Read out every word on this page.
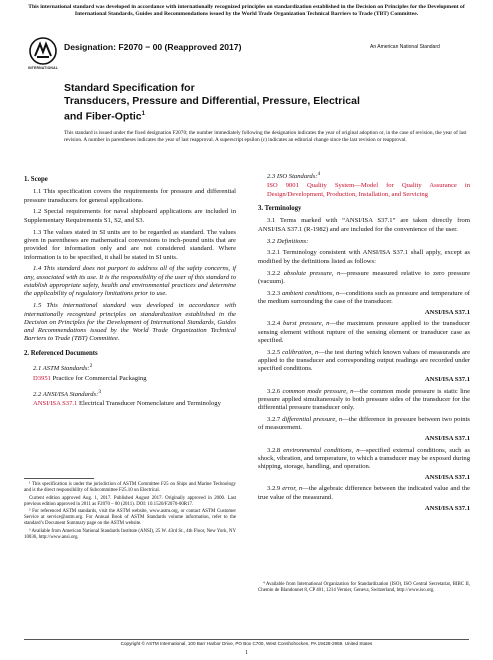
This international standard was developed in accordance with internationally recognized principles on standardization established in the Decision on Principles for the Development of International Standards, Guides and Recommendations issued by the World Trade Organization Technical Barriers to Trade (TBT) Committee.
INTERNATIONAL
Designation: F2070 − 00 (Reapproved 2017)	An American National Standard
Standard Specification for
Transducers, Pressure and Differential, Pressure, Electrical and Fiber-Optic$^1$
This standard is issued under the fixed designation F2070; the number immediately following the designation indicates the year of original adoption or, in the case of revision, the year of last revision. A number in parentheses indicates the year of last reapproval. A superscript epsilon (ε) indicates an editorial change since the last revision or reapproval.
1. Scope

1.1 This specification covers the requirements for pressure and differential pressure transducers for general applications.

1.2 Special requirements for naval shipboard applications are included in Supplementary Requirements S1, S2, and S3.

1.3 The values stated in SI units are to be regarded as standard. The values given in parentheses are mathematical conversions to inch-pound units that are provided for information only and are not considered standard. Where information is to be specified, it shall be stated in SI units.

1.4 This standard does not purport to address all of the safety concerns, if any, associated with its use. It is the responsibility of the user of this standard to establish appropriate safety, health and environmental practices and determine the applicability of regulatory limitations prior to use.

1.5 This international standard was developed in accordance with internationally recognized principles on standardization established in the Decision on Principles for the Development of International Standards, Guides and Recommendations issued by the World Trade Organization Technical Barriers to Trade (TBT) Committee.

2. Referenced Documents

2.1 ASTM Standards:$^2$

D3951 Practice for Commercial Packaging

2.2 ANSI/ISA Standards:$^3$

ANSI/ISA S37.1 Electrical Transducer Nomenclature and Terminology

¹ This specification is under the jurisdiction of ASTM Committee F25 on Ships and Marine Technology and is the direct responsibility of Subcommittee F25.10 on Electrical.

Current edition approved Aug. 1, 2017. Published August 2017. Originally approved in 2000. Last previous edition approved in 2011 as F2070 – 00 (2011). DOI: 10.1520/F2070-00R17.

² For referenced ASTM standards, visit the ASTM website, www.astm.org, or contact ASTM Customer Service at service@astm.org. For Annual Book of ASTM Standards volume information, refer to the standard’s Document Summary page on the ASTM website.

³ Available from American National Standards Institute (ANSI), 25 W. 43rd St., 4th Floor, New York, NY 10036, http://www.ansi.org.

2.3 ISO Standards:$^4$

ISO 9001 Quality System—Model for Quality Assurance in Design/Development, Production, Installation, and Servicing
3. Terminology

3.1 Terms marked with “ANSI/ISA S37.1” are taken directly from ANSI/ISA S37.1 (R-1982) and are included for the convenience of the user.

3.2 Definitions:

3.2.1 Terminology consistent with ANSI/ISA S37.1 shall apply, except as modified by the definitions listed as follows:

3.2.2 absolute pressure, n—pressure measured relative to zero pressure (vacuum).

3.2.3 ambient conditions, n—conditions such as pressure and temperature of the medium surrounding the case of the transducer.

ANSI/ISA S37.1

3.2.4 burst pressure, n—the maximum pressure applied to the transducer sensing element without rupture of the sensing element or transducer case as specified.

3.2.5 calibration, n—the test during which known values of measurands are applied to the transducer and corresponding output readings are recorded under specified conditions.

ANSI/ISA S37.1

3.2.6 common mode pressure, n—the common mode pressure is static line pressure applied simultaneously to both pressure sides of the transducer for the differential pressure transducer only.

3.2.7 differential pressure, n—the difference in pressure between two points of measurement.

ANSI/ISA S37.1

3.2.8 environmental conditions, n—specified external conditions, such as shock, vibration, and temperature, to which a transducer may be exposed during shipping, storage, handling, and operation.

ANSI/ISA S37.1

3.2.9 error, n—the algebraic difference between the indicated value and the true value of the measurand.

ANSI/ISA S37.1

⁴ Available from International Organization for Standardization (ISO), ISO Central Secretariat, BIBC II, Chemin de Blandonnet 8, CP 401, 1214 Vernier, Geneva, Switzerland, http://www.iso.org.

Copyright © ASTM International, 100 Barr Harbor Drive, PO Box C700, West Conshohocken, PA 19428-2959. United States
1
